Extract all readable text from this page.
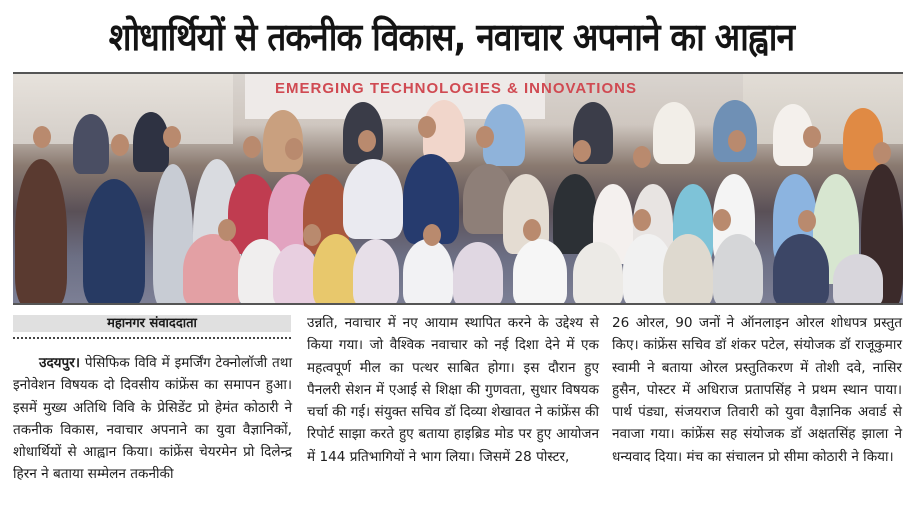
शोधार्थियों से तकनीक विकास, नवाचार अपनाने का आह्वान
EMERGING TECHNOLOGIES & INNOVATIONS
महानगर संवाददाता

उदयपुर। पेसिफिक विवि में इमर्जिंग टेक्नोलॉजी तथा इनोवेशन विषयक दो दिवसीय कांफ्रेंस का समापन हुआ। इसमें मुख्य अतिथि विवि के प्रेसिडेंट प्रो हेमंत कोठारी ने तकनीक विकास, नवाचार अपनाने का युवा वैज्ञानिकों, शोधार्थियों से आह्वान किया। कांफ्रेंस चेयरमेन प्रो दिलेन्द्र हिरन ने बताया सम्मेलन तकनीकी

उन्नति, नवाचार में नए आयाम स्थापित करने के उद्देश्य से किया गया। जो वैश्विक नवाचार को नई दिशा देने में एक महत्वपूर्ण मील का पत्थर साबित होगा। इस दौरान हुए पैनलरी सेशन में एआई से शिक्षा की गुणवता, सुधार विषयक चर्चा की गई। संयुक्त सचिव डॉ दिव्या शेखावत ने कांफ्रेंस की रिपोर्ट साझा करते हुए बताया हाइब्रिड मोड पर हुए आयोजन में 144 प्रतिभागियों ने भाग लिया। जिसमें 28 पोस्टर,

26 ओरल, 90 जनों ने ऑनलाइन ओरल शोधपत्र प्रस्तुत किए। कांफ्रेंस सचिव डॉ शंकर पटेल, संयोजक डॉ राजूकुमार स्वामी ने बताया ओरल प्रस्तुतिकरण में तोशी दवे, नासिर हुसैन, पोस्टर में अधिराज प्रतापसिंह ने प्रथम स्थान पाया। पार्थ पंड्या, संजयराज तिवारी को युवा वैज्ञानिक अवार्ड से नवाजा गया। कांफ्रेंस सह संयोजक डॉ अक्षतसिंह झाला ने धन्यवाद दिया। मंच का संचालन प्रो सीमा कोठारी ने किया।
